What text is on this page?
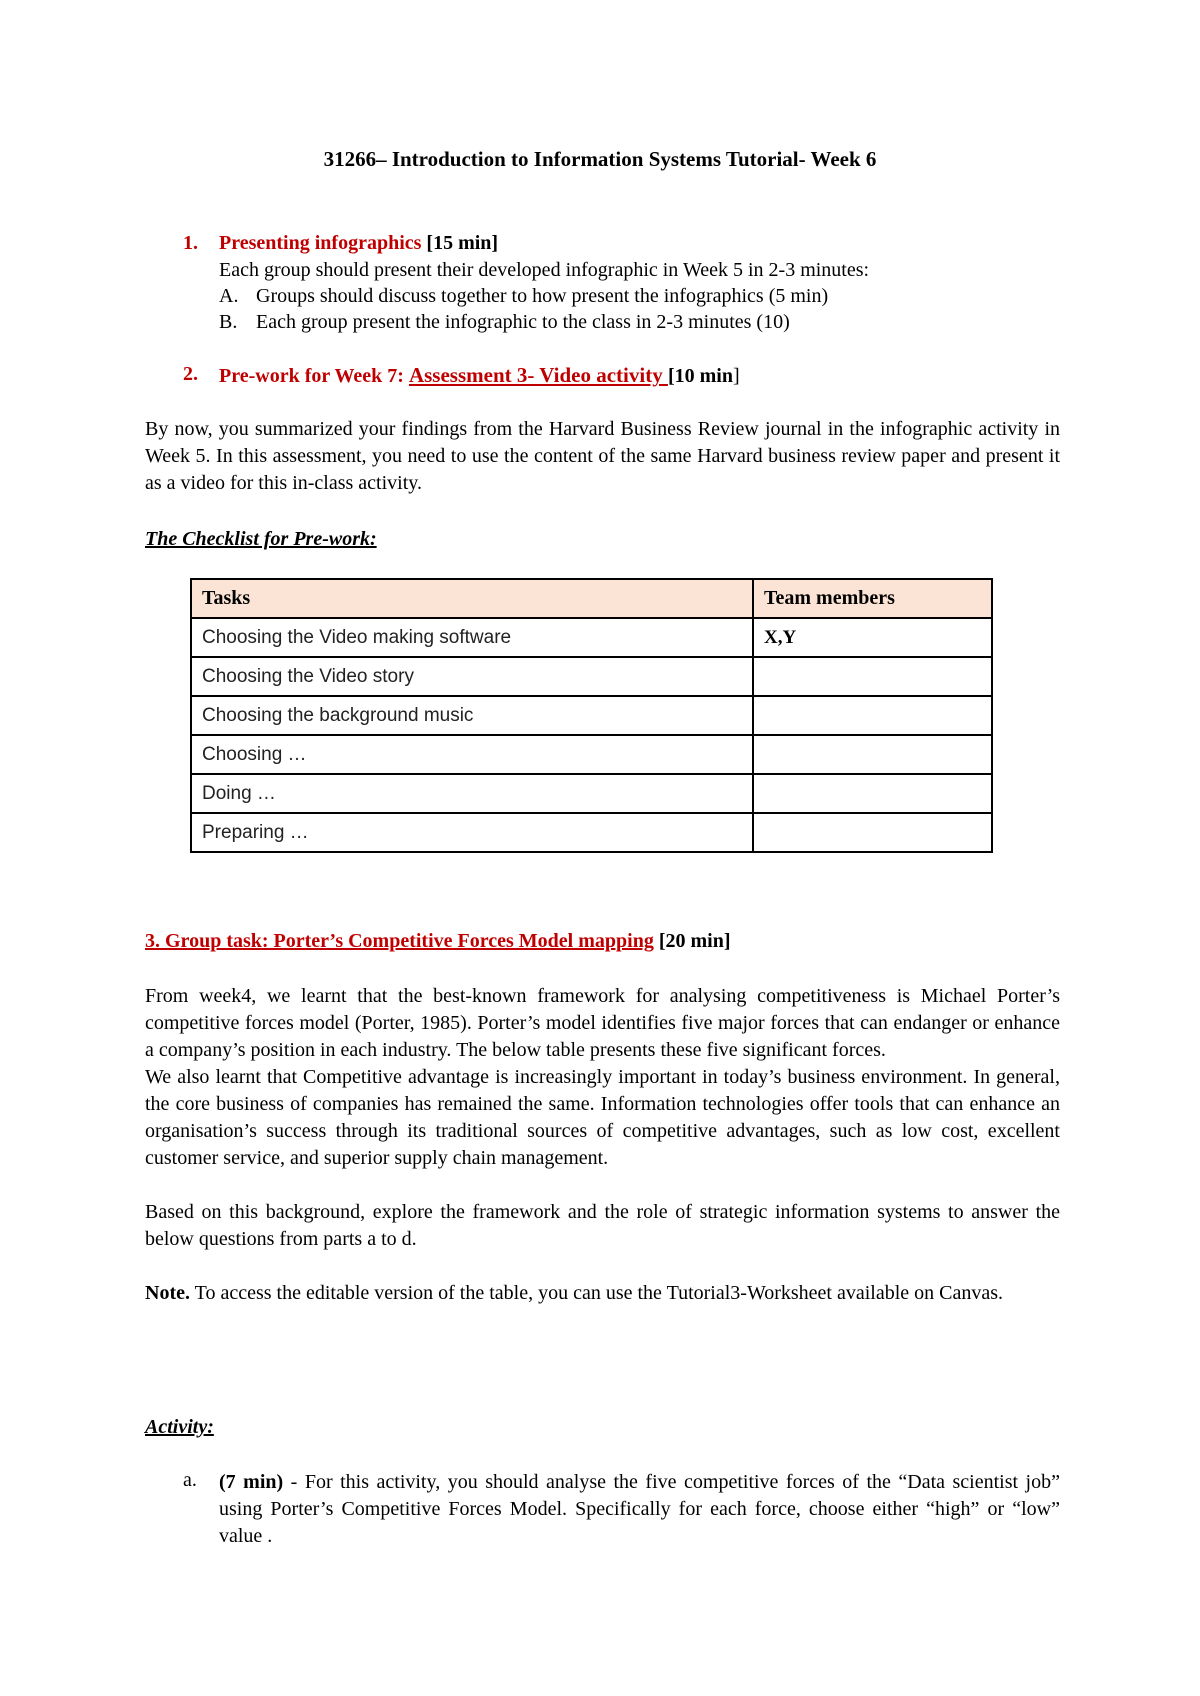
31266– Introduction to Information Systems Tutorial- Week 6
1. Presenting infographics [15 min]
Each group should present their developed infographic in Week 5 in 2-3 minutes:
A. Groups should discuss together to how present the infographics (5 min)
B. Each group present the infographic to the class in 2-3 minutes (10)
2. Pre-work for Week 7: Assessment 3- Video activity [10 min]

By now, you summarized your findings from the Harvard Business Review journal in the infographic activity in Week 5. In this assessment, you need to use the content of the same Harvard business review paper and present it as a video for this in-class activity.

The Checklist for Pre-work:
Tasks	Team members
Choosing the Video making software	X,Y
Choosing the Video story	
Choosing the background music	
Choosing …	
Doing …	
Preparing …	
3. Group task: Porter’s Competitive Forces Model mapping [20 min]

From week4, we learnt that the best-known framework for analysing competitiveness is Michael Porter’s competitive forces model (Porter, 1985). Porter’s model identifies five major forces that can endanger or enhance a company’s position in each industry. The below table presents these five significant forces.

We also learnt that Competitive advantage is increasingly important in today’s business environment. In general, the core business of companies has remained the same. Information technologies offer tools that can enhance an organisation’s success through its traditional sources of competitive advantages, such as low cost, excellent customer service, and superior supply chain management.

Based on this background, explore the framework and the role of strategic information systems to answer the below questions from parts a to d.

Note. To access the editable version of the table, you can use the Tutorial3-Worksheet available on Canvas.

Activity:
a. (7 min) - For this activity, you should analyse the five competitive forces of the “Data scientist job” using Porter’s Competitive Forces Model. Specifically for each force, choose either “high” or “low” value .
